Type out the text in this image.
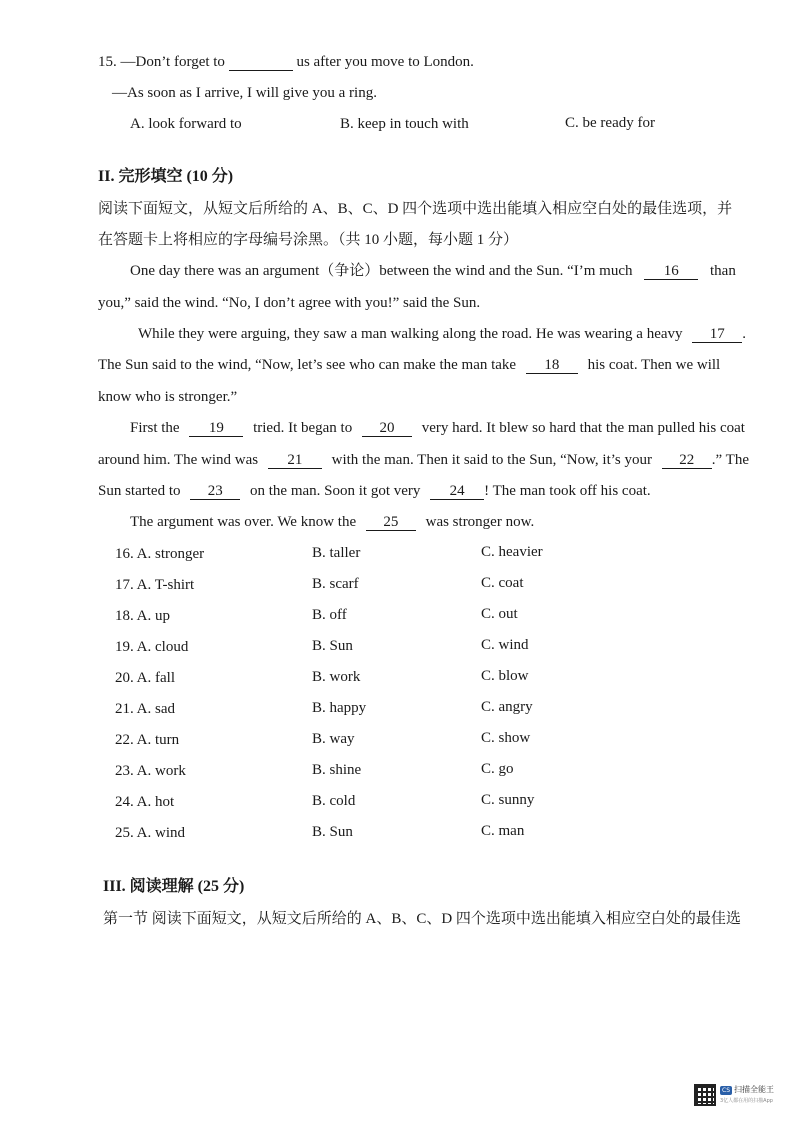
15. —Don’t forget to	us after you move to London.
—As soon as I arrive, I will give you a ring.
A. look forward to	B. keep in touch with	C. be ready for
II. 完形填空 (10 分)
阅读下面短文，从短文后所给的 A、B、C、D 四个选项中选出能填入相应空白处的最佳选项，并
在答题卡上将相应的字母编号涂黑。（共 10 小题，每小题 1 分）
One day there was an argument（争论）between the wind and the Sun. “I’m much 16 than
you,” said the wind. “No, I don’t agree with you!” said the Sun.
While they were arguing, they saw a man walking along the road. He was wearing a heavy 17 .
The Sun said to the wind, “Now, let’s see who can make the man take 18 his coat. Then we will
know who is stronger.”
First the 19 tried. It began to 20 very hard. It blew so hard that the man pulled his coat
around him. The wind was 21 with the man. Then it said to the Sun, “Now, it’s your 22 .” The
Sun started to 23 on the man. Soon it got very 24 ! The man took off his coat.
The argument was over. We know the 25 was stronger now.
16. A. stronger	B. taller	C. heavier
17. A. T-shirt	B. scarf	C. coat
18. A. up	B. off	C. out
19. A. cloud	B. Sun	C. wind
20. A. fall	B. work	C. blow
21. A. sad	B. happy	C. angry
22. A. turn	B. way	C. show
23. A. work	B. shine	C. go
24. A. hot	B. cold	C. sunny
25. A. wind	B. Sun	C. man
III. 阅读理解 (25 分)
第一节 阅读下面短文，从短文后所给的 A、B、C、D 四个选项中选出能填入相应空白处的最佳选
CS 扫描全能王
3亿人都在用的扫描App
